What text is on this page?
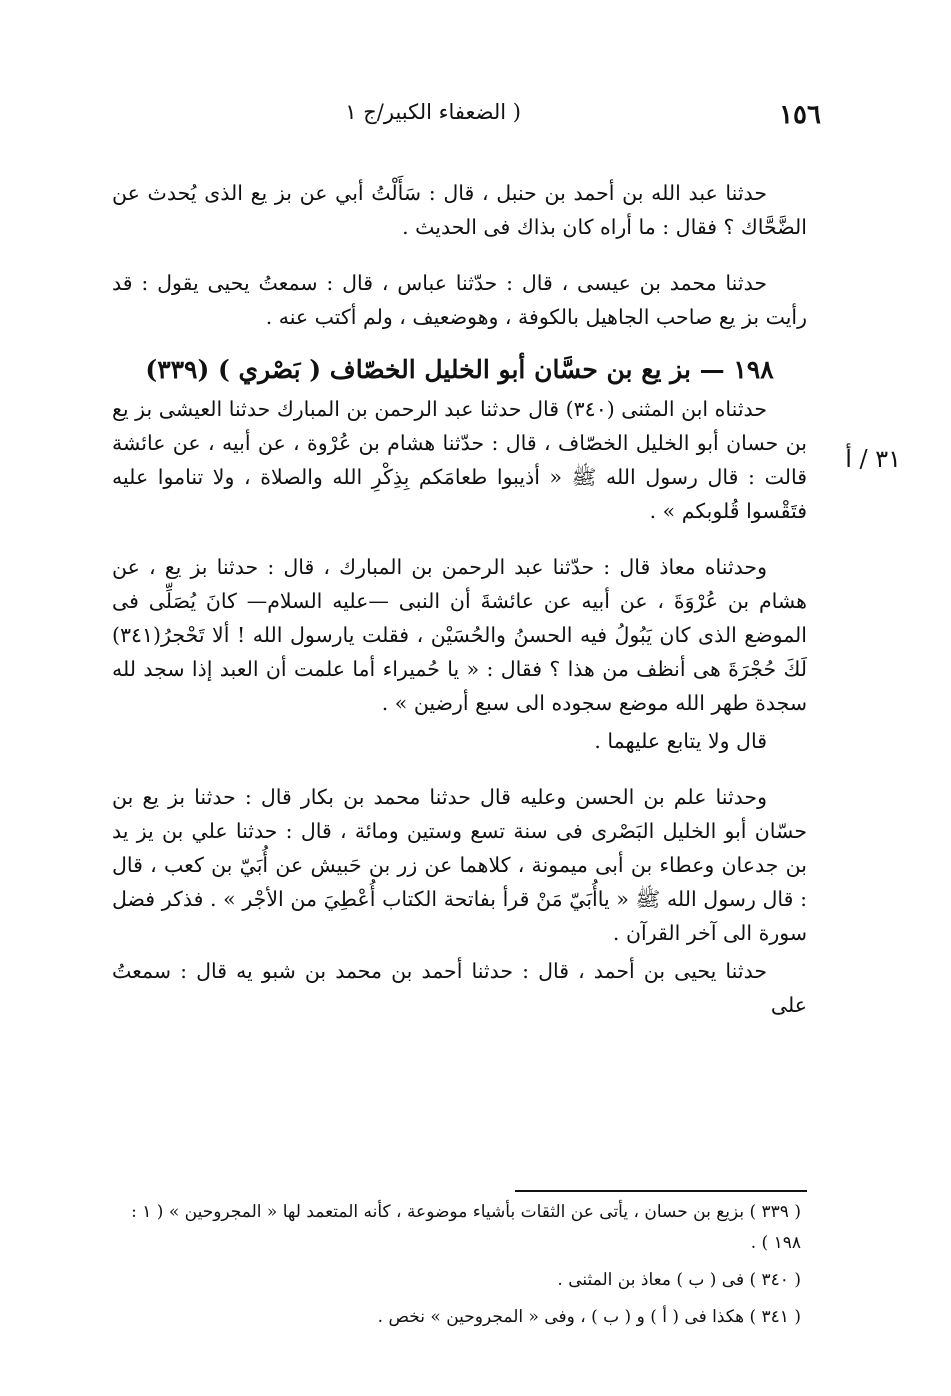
١٥٦
( الضعفاء الكبير/ج ١
٣١ / أ

حدثنا عبد الله بن أحمد بن حنبل ، قال : سَأَلْتُ أبي عن بز يع الذى يُحدث عن الضَّحَّاك ؟ فقال : ما أراه كان بذاك فى الحديث .

حدثنا محمد بن عيسى ، قال : حدّثنا عباس ، قال : سمعتُ يحيى يقول : قد رأيت بز يع صاحب الجاهيل بالكوفة ، وهوضعيف ، ولم أكتب عنه .

١٩٨ — بز يع بن حسَّان أبو الخليل الخصّاف ( بَصْري ) (٣٣٩)

حدثناه ابن المثنى (٣٤٠) قال حدثنا عبد الرحمن بن المبارك حدثنا العيشى بز يع بن حسان أبو الخليل الخصّاف ، قال : حدّثنا هشام بن عُرْوة ، عن أبيه ، عن عائشة قالت : قال رسول الله ﷺ « أذيبوا طعامَكم بِذِكْرِ الله والصلاة ، ولا تناموا عليه فتَقْسوا قُلوبكم » .

وحدثناه معاذ قال : حدّثنا عبد الرحمن بن المبارك ، قال : حدثنا بز يع ، عن هشام بن عُرْوَةَ ، عن أبيه عن عائشةَ أن النبى —عليه السلام— كانَ يُصَلِّى فى الموضع الذى كان يَبُولُ فيه الحسنُ والحُسَيْن ، فقلت يارسول الله ! ألا تَحْجرُ(٣٤١) لَكَ حُجْرَةَ هى أنظف من هذا ؟ فقال : « يا حُميراء أما علمت أن العبد إذا سجد لله سجدة طهر الله موضع سجوده الى سبع أرضين » .

قال ولا يتابع عليهما .

وحدثنا علم بن الحسن وعليه قال حدثنا محمد بن بكار قال : حدثنا بز يع بن حسّان أبو الخليل البَصْرى فى سنة تسع وستين ومائة ، قال : حدثنا علي بن يز يد بن جدعان وعطاء بن أبى ميمونة ، كلاهما عن زر بن حَبيش عن أُبَيّ بن كعب ، قال : قال رسول الله ﷺ « ياأُبَيّ مَنْ قرأ بفاتحة الكتاب أُعْطِيَ من الأجْر » . فذكر فضل سورة الى آخر القرآن .

حدثنا يحيى بن أحمد ، قال : حدثنا أحمد بن محمد بن شبو يه قال : سمعتُ على

( ٣٣٩ ) بزيع بن حسان ، يأتى عن الثقات بأشياء موضوعة ، كأنه المتعمد لها « المجروحين » ( ١ : ١٩٨ ) .

( ٣٤٠ ) فى ( ب ) معاذ بن المثنى .

( ٣٤١ ) هكذا فى ( أ ) و ( ب ) ، وفى « المجروحين » نخص .
